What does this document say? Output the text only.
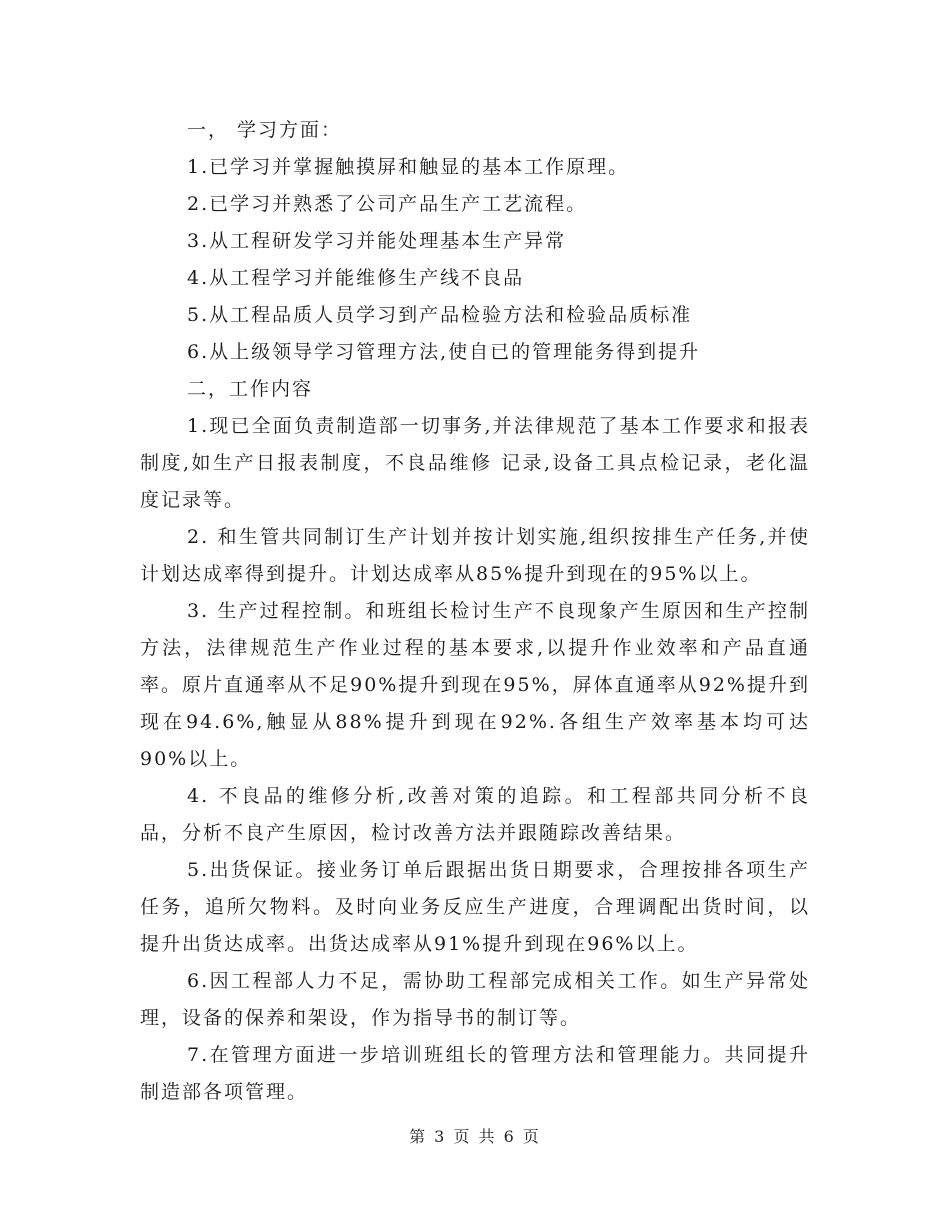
一， 学习方面：
1.已学习并掌握触摸屏和触显的基本工作原理。
2.已学习并熟悉了公司产品生产工艺流程。
3.从工程研发学习并能处理基本生产异常
4.从工程学习并能维修生产线不良品
5.从工程品质人员学习到产品检验方法和检验品质标准
6.从上级领导学习管理方法,使自已的管理能务得到提升
二，工作内容
1.现已全面负责制造部一切事务,并法律规范了基本工作要求和报表制度,如生产日报表制度，不良品维修 记录,设备工具点检记录，老化温度记录等。
2. 和生管共同制订生产计划并按计划实施,组织按排生产任务,并使计划达成率得到提升。计划达成率从85%提升到现在的95%以上。
3. 生产过程控制。和班组长检讨生产不良现象产生原因和生产控制方法，法律规范生产作业过程的基本要求,以提升作业效率和产品直通率。原片直通率从不足90%提升到现在95%，屏体直通率从92%提升到现在94.6%,触显从88%提升到现在92%.各组生产效率基本均可达90%以上。
4. 不良品的维修分析,改善对策的追踪。和工程部共同分析不良品，分析不良产生原因，检讨改善方法并跟随踪改善结果。
5.出货保证。接业务订单后跟据出货日期要求，合理按排各项生产任务，追所欠物料。及时向业务反应生产进度，合理调配出货时间，以提升出货达成率。出货达成率从91%提升到现在96%以上。
6.因工程部人力不足，需协助工程部完成相关工作。如生产异常处理，设备的保养和架设，作为指导书的制订等。
7.在管理方面进一步培训班组长的管理方法和管理能力。共同提升制造部各项管理。
第 3 页 共 6 页
